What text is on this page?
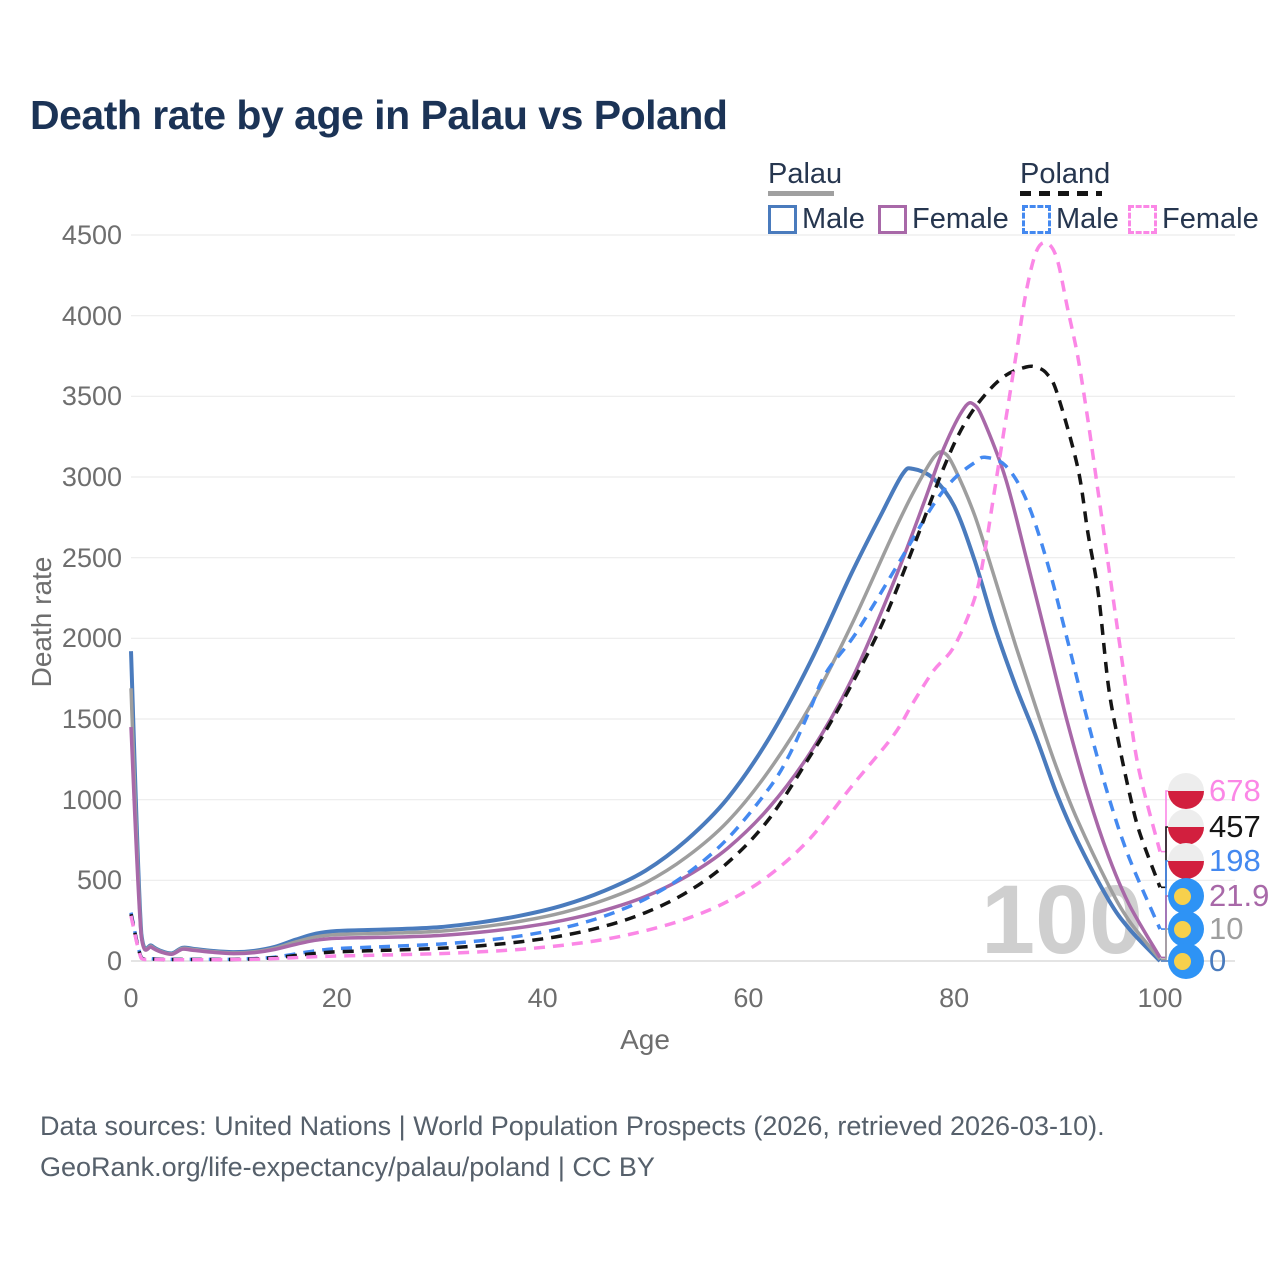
Death rate by age in Palau vs Poland
Palau	Poland
Male Female Male Female
100
0
500
1000
1500
2000
2500
3000
3500
4000
4500
0	20	40	60	80	100
Death rate
Age
678
457
198
21.9
10
0
Data sources: United Nations | World Population Prospects (2026, retrieved 2026-03-10).
GeoRank.org/life-expectancy/palau/poland | CC BY
